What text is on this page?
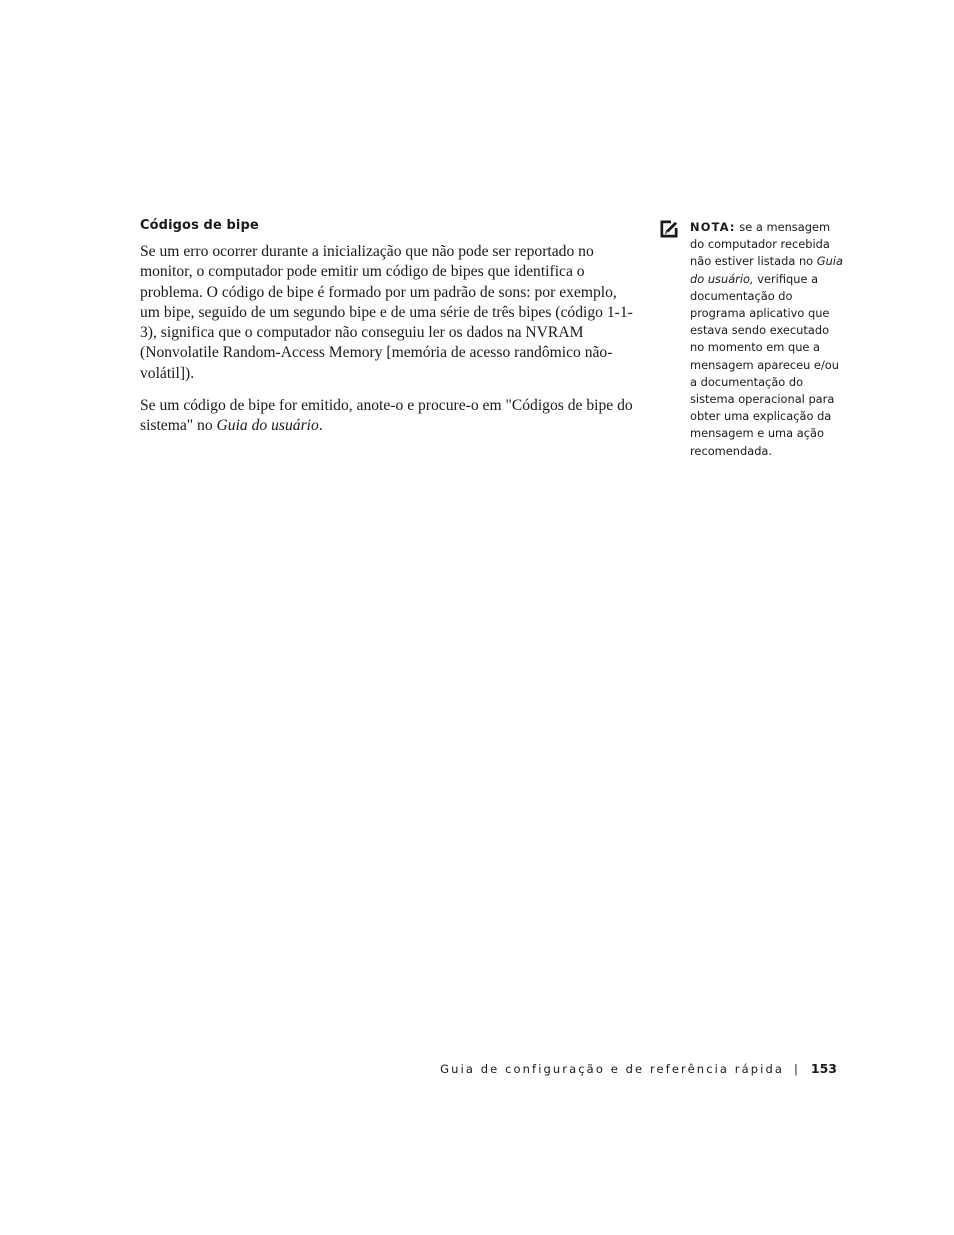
Códigos de bipe

Se um erro ocorrer durante a inicialização que não pode ser reportado no monitor, o computador pode emitir um código de bipes que identifica o problema. O código de bipe é formado por um padrão de sons: por exemplo, um bipe, seguido de um segundo bipe e de uma série de três bipes (código 1-1-3), significa que o computador não conseguiu ler os dados na NVRAM (Nonvolatile Random-Access Memory [memória de acesso randômico não-volátil]).

Se um código de bipe for emitido, anote-o e procure-o em "Códigos de bipe do sistema" no Guia do usuário.

NOTA: se a mensagem do computador recebida não estiver listada no Guia do usuário, verifique a documentação do programa aplicativo que estava sendo executado no momento em que a mensagem apareceu e/ou a documentação do sistema operacional para obter uma explicação da mensagem e uma ação recomendada.

Guia de configuração e de referência rápida | 153
